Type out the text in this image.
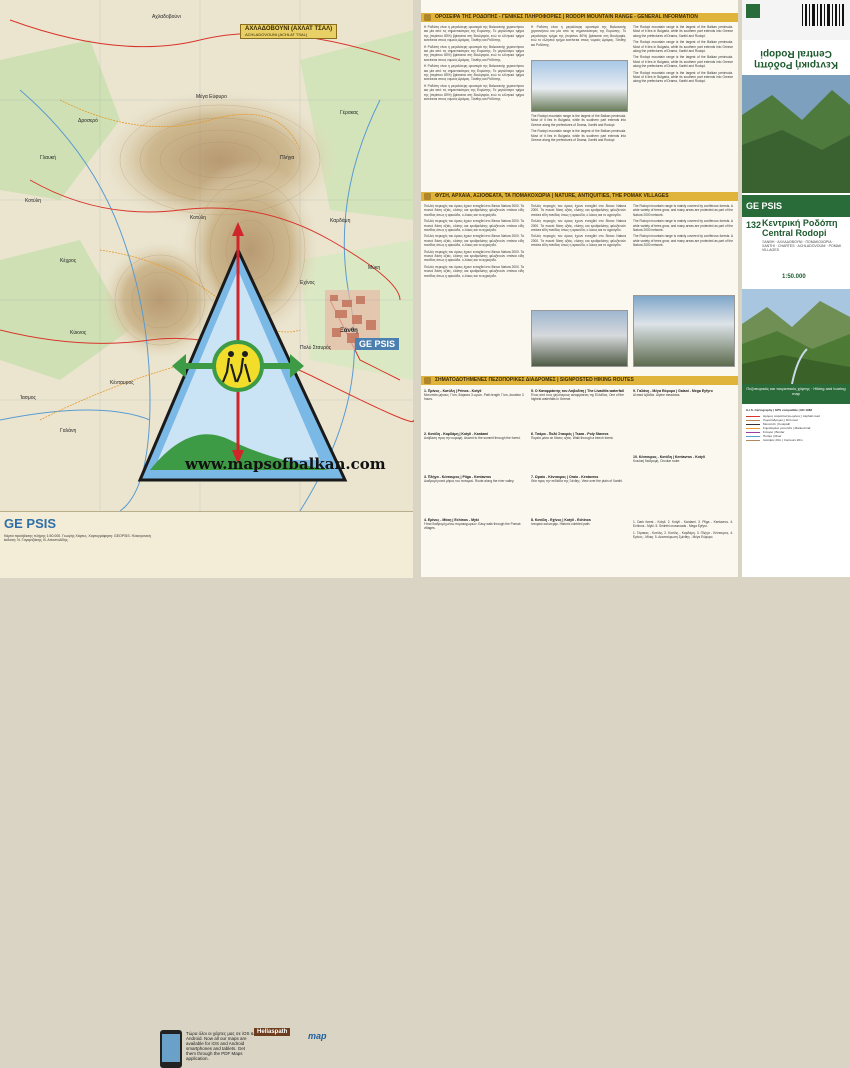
ΑΧΛΑΔΟΒΟΥΝΙ (ΑΧΛΑΤ ΤΣΑΛ)
ACHLADOVOUNI (ACHLAT TSAL)
Αχλαδοβούνι
Μέγα Εύφυρο
Δροσερό
Γλαυκή
Κοτύλη
Πλήγα
Καρδάμη
Γέρακας
Κέχρος
Κύκνος
Μύκη
Ξάνθη
Ίασμος
Κοτύλη
Εχίνος
Πολύ Σταυρός
Γαλάνη
Κένταυρος
GE PSIS
www.mapsofbalkan.com
GE PSIS
Κάρτα πρόσβασης πλήρης 1:50.000. Γεωψής Χάρτες. Χαρτογράφηση: GEOPSIS. Ηλεκτρονική έκδοση: Ν. Γαγαρτζάκης, Β. Αποστολίδης.
Τώρα όλοι οι χάρτες μας σε iOS & Android. Now all our maps are available for iOS and Android smartphones and tablets. Get them through the PDF Maps application.
Hellaspath	map
ΟΡΟΣΕΙΡΑ ΤΗΣ ΡΟΔΟΠΗΣ - ΓΕΝΙΚΕΣ ΠΛΗΡΟΦΟΡΙΕΣ | RODOPI MOUNTAIN RANGE - GENERAL INFORMATION

Η Ροδόπη είναι η μεγαλύτερη οροσειρά της Βαλκανικής χερσονήσου και μία από τις σημαντικότερες της Ευρώπης. Το μεγαλύτερο τμήμα της (περίπου 80%) βρίσκεται στη Βουλγαρία, ενώ το ελληνικό τμήμα εκτείνεται στους νομούς Δράμας, Ξάνθης και Ροδόπης.

Η Ροδόπη είναι η μεγαλύτερη οροσειρά της Βαλκανικής χερσονήσου και μία από τις σημαντικότερες της Ευρώπης. Το μεγαλύτερο τμήμα της (περίπου 80%) βρίσκεται στη Βουλγαρία, ενώ το ελληνικό τμήμα εκτείνεται στους νομούς Δράμας, Ξάνθης και Ροδόπης.

Η Ροδόπη είναι η μεγαλύτερη οροσειρά της Βαλκανικής χερσονήσου και μία από τις σημαντικότερες της Ευρώπης. Το μεγαλύτερο τμήμα της (περίπου 80%) βρίσκεται στη Βουλγαρία, ενώ το ελληνικό τμήμα εκτείνεται στους νομούς Δράμας, Ξάνθης και Ροδόπης.

Η Ροδόπη είναι η μεγαλύτερη οροσειρά της Βαλκανικής χερσονήσου και μία από τις σημαντικότερες της Ευρώπης. Το μεγαλύτερο τμήμα της (περίπου 80%) βρίσκεται στη Βουλγαρία, ενώ το ελληνικό τμήμα εκτείνεται στους νομούς Δράμας, Ξάνθης και Ροδόπης.

Η Ροδόπη είναι η μεγαλύτερη οροσειρά της Βαλκανικής χερσονήσου και μία από τις σημαντικότερες της Ευρώπης. Το μεγαλύτερο τμήμα της (περίπου 80%) βρίσκεται στη Βουλγαρία, ενώ το ελληνικό τμήμα εκτείνεται στους νομούς Δράμας, Ξάνθης και Ροδόπης.

The Rodopi mountain range is the largest of the Balkan peninsula. Most of it lies in Bulgaria, while its southern part extends into Greece along the prefectures of Drama, Xanthi and Rodopi.

The Rodopi mountain range is the largest of the Balkan peninsula. Most of it lies in Bulgaria, while its southern part extends into Greece along the prefectures of Drama, Xanthi and Rodopi.

The Rodopi mountain range is the largest of the Balkan peninsula. Most of it lies in Bulgaria, while its southern part extends into Greece along the prefectures of Drama, Xanthi and Rodopi.

The Rodopi mountain range is the largest of the Balkan peninsula. Most of it lies in Bulgaria, while its southern part extends into Greece along the prefectures of Drama, Xanthi and Rodopi.

The Rodopi mountain range is the largest of the Balkan peninsula. Most of it lies in Bulgaria, while its southern part extends into Greece along the prefectures of Drama, Xanthi and Rodopi.

The Rodopi mountain range is the largest of the Balkan peninsula. Most of it lies in Bulgaria, while its southern part extends into Greece along the prefectures of Drama, Xanthi and Rodopi.

ΦΥΣΗ, ΑΡΧΑΙΑ, ΑΞΙΟΘΕΑΤΑ, ΤΑ ΠΟΜΑΚΟΧΩΡΙΑ | NATURE, ANTIQUITIES, THE POMAK VILLAGES

Πολλές περιοχές του όρους έχουν ενταχθεί στο δίκτυο Natura 2000. Τα πυκνά δάση οξιάς, ελάτης και ερυθρελάτης φιλοξενούν σπάνια είδη πανίδας όπως η αρκούδα, ο λύκος και το αγριόγιδο.

Πολλές περιοχές του όρους έχουν ενταχθεί στο δίκτυο Natura 2000. Τα πυκνά δάση οξιάς, ελάτης και ερυθρελάτης φιλοξενούν σπάνια είδη πανίδας όπως η αρκούδα, ο λύκος και το αγριόγιδο.

Πολλές περιοχές του όρους έχουν ενταχθεί στο δίκτυο Natura 2000. Τα πυκνά δάση οξιάς, ελάτης και ερυθρελάτης φιλοξενούν σπάνια είδη πανίδας όπως η αρκούδα, ο λύκος και το αγριόγιδο.

Πολλές περιοχές του όρους έχουν ενταχθεί στο δίκτυο Natura 2000. Τα πυκνά δάση οξιάς, ελάτης και ερυθρελάτης φιλοξενούν σπάνια είδη πανίδας όπως η αρκούδα, ο λύκος και το αγριόγιδο.

Πολλές περιοχές του όρους έχουν ενταχθεί στο δίκτυο Natura 2000. Τα πυκνά δάση οξιάς, ελάτης και ερυθρελάτης φιλοξενούν σπάνια είδη πανίδας όπως η αρκούδα, ο λύκος και το αγριόγιδο.

Πολλές περιοχές του όρους έχουν ενταχθεί στο δίκτυο Natura 2000. Τα πυκνά δάση οξιάς, ελάτης και ερυθρελάτης φιλοξενούν σπάνια είδη πανίδας όπως η αρκούδα, ο λύκος και το αγριόγιδο.

Πολλές περιοχές του όρους έχουν ενταχθεί στο δίκτυο Natura 2000. Τα πυκνά δάση οξιάς, ελάτης και ερυθρελάτης φιλοξενούν σπάνια είδη πανίδας όπως η αρκούδα, ο λύκος και το αγριόγιδο.

Πολλές περιοχές του όρους έχουν ενταχθεί στο δίκτυο Natura 2000. Τα πυκνά δάση οξιάς, ελάτης και ερυθρελάτης φιλοξενούν σπάνια είδη πανίδας όπως η αρκούδα, ο λύκος και το αγριόγιδο.

The Rodopi mountain range is mainly covered by coniferous forests. A wide variety of trees grow, and many areas are protected as part of the Natura 2000 network.

The Rodopi mountain range is mainly covered by coniferous forests. A wide variety of trees grow, and many areas are protected as part of the Natura 2000 network.

The Rodopi mountain range is mainly covered by coniferous forests. A wide variety of trees grow, and many areas are protected as part of the Natura 2000 network.

ΣΗΜΑΤΟΔΟΤΗΜΕΝΕΣ ΠΕΖΟΠΟΡΙΚΕΣ ΔΙΑΔΡΟΜΕΣ | SIGNPOSTED HIKING ROUTES
1. Πρίνος - Κοτύλη | Prinos - Kotyli
Μονοπάτι μήκους 7 km, διάρκεια 3 ωρών. Path length 7 km, duration 3 hours.
2. Κοτύλη - Καρδάμη | Kotyli - Kardami
Ανάβαση προς την κορυφή. Ascent to the summit through the forest.
3. Πλήγα - Κένταυρος | Pliga - Kentavros
Διαδρομή κατά μήκος του ποταμού. Route along the river valley.
4. Ερίνος - Μύκη | Echinos - Myki
Ήπια διαδρομή μέσω πομακοχωριών. Easy walk through the Pomak villages.
5. Ο Καταρράκτης του Λειβαδιτη | The Livaditis waterfall
Ένας από τους ψηλότερους καταρράκτες της Ελλάδας. One of the highest waterfalls in Greece.
6. Τσάρα - Πολύ Σταυρός | Tsara - Poly Stavros
Πορεία μέσα σε δάσος οξιάς. Walk through a beech forest.
7. Ωραίο - Κένταυρος | Oraio - Kentavros
Θέα προς την πεδιάδα της Ξάνθης. View over the plain of Xanthi.
8. Κοτύλη - Εχίνος | Kotyli - Echinos
Ιστορικό καλντερίμι. Historic cobbled path.
9. Γαλάνη - Μέγα Εύφυρο | Galani - Mega Eyfyro
Αλπικά λιβάδια. Alpine meadows.
10. Κένταυρος - Κοτύλη | Kentavros - Kotyli
Κυκλική διαδρομή. Circular route.

1. Dark forest - Kotyli. 2. Kotyli - Kardami. 3. Pliga - Kentavros. 4. Echinos - Myki. 5. Sminthi crossroads - Mega Eyfyro.

1. Γέρακας - Κοτύλη. 2. Κοτύλη - Καρδάμη. 3. Πλήγα - Κένταυρος. 4. Ερίνος - Μύκη. 5. Διασταύρωση Σμίνθης - Μέγα Εύφυρο.

Κεντρική Ροδόπη Central Rodopi
GE PSIS
132 Κεντρική Ροδόπη
Central Rodopi
ΞΑΝΘΗ · ΑΧΛΑΔΟΒΟΥΝΙ · ΠΟΜΑΚΟΧΩΡΙΑ · XANTHI · CHARTES · ACHLADOVOUNI · POMAK VILLAGES
1:50.000
Πεζοπορικός και τουριστικός χάρτης · Hiking and touring map
G.I.S. Cartography | GPS compatible | ED 1983
Δρόμος ασφαλτοστρωμένος | Asphalt road
Χωματόδρομος | Dirt road
Μονοπάτι | Footpath
Σημαδεμένο μονοπάτι | Marked trail
Σύνορα | Border
Ποτάμι | River
Ισοϋψείς 20m | Contours 20m
